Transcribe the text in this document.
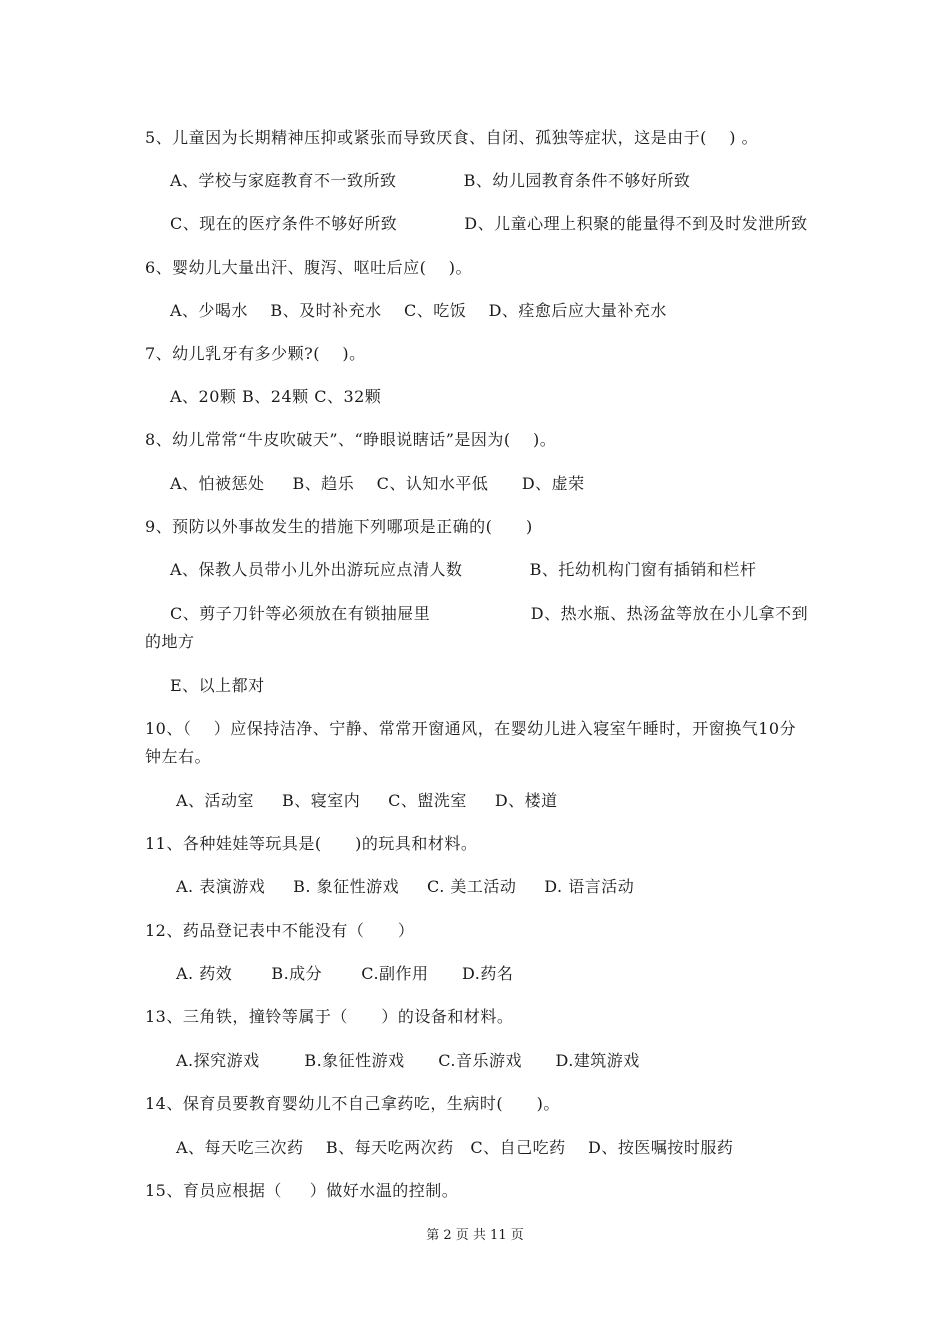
5、儿童因为长期精神压抑或紧张而导致厌食、自闭、孤独等症状，这是由于(    ) 。
A、学校与家庭教育不一致所致            B、幼儿园教育条件不够好所致
C、现在的医疗条件不够好所致            D、儿童心理上积聚的能量得不到及时发泄所致
6、婴幼儿大量出汗、腹泻、呕吐后应(    )。
A、少喝水    B、及时补充水    C、吃饭    D、痊愈后应大量补充水
7、幼儿乳牙有多少颗?(    )。
A、20颗 B、24颗 C、32颗
8、幼儿常常“牛皮吹破天”、“睁眼说瞎话”是因为(    )。
A、怕被惩处     B、趋乐    C、认知水平低      D、虚荣
9、预防以外事故发生的措施下列哪项是正确的(      )
A、保教人员带小儿外出游玩应点清人数            B、托幼机构门窗有插销和栏杆
C、剪子刀针等必须放在有锁抽屉里                  D、热水瓶、热汤盆等放在小儿拿不到
的地方
E、以上都对
10、（    ）应保持洁净、宁静、常常开窗通风，在婴幼儿进入寝室午睡时，开窗换气10分
钟左右。
A、活动室     B、寝室内     C、盥洗室     D、楼道
11、各种娃娃等玩具是(      )的玩具和材料。
A. 表演游戏     B. 象征性游戏     C. 美工活动     D. 语言活动
12、药品登记表中不能没有（      ）
A. 药效       B.成分       C.副作用      D.药名
13、三角铁，撞铃等属于（      ）的设备和材料。
A.探究游戏        B.象征性游戏      C.音乐游戏      D.建筑游戏
14、保育员要教育婴幼儿不自己拿药吃，生病时(      )。
A、每天吃三次药    B、每天吃两次药   C、自己吃药    D、按医嘱按时服药
15、育员应根据（     ）做好水温的控制。
第 2 页 共 11 页
